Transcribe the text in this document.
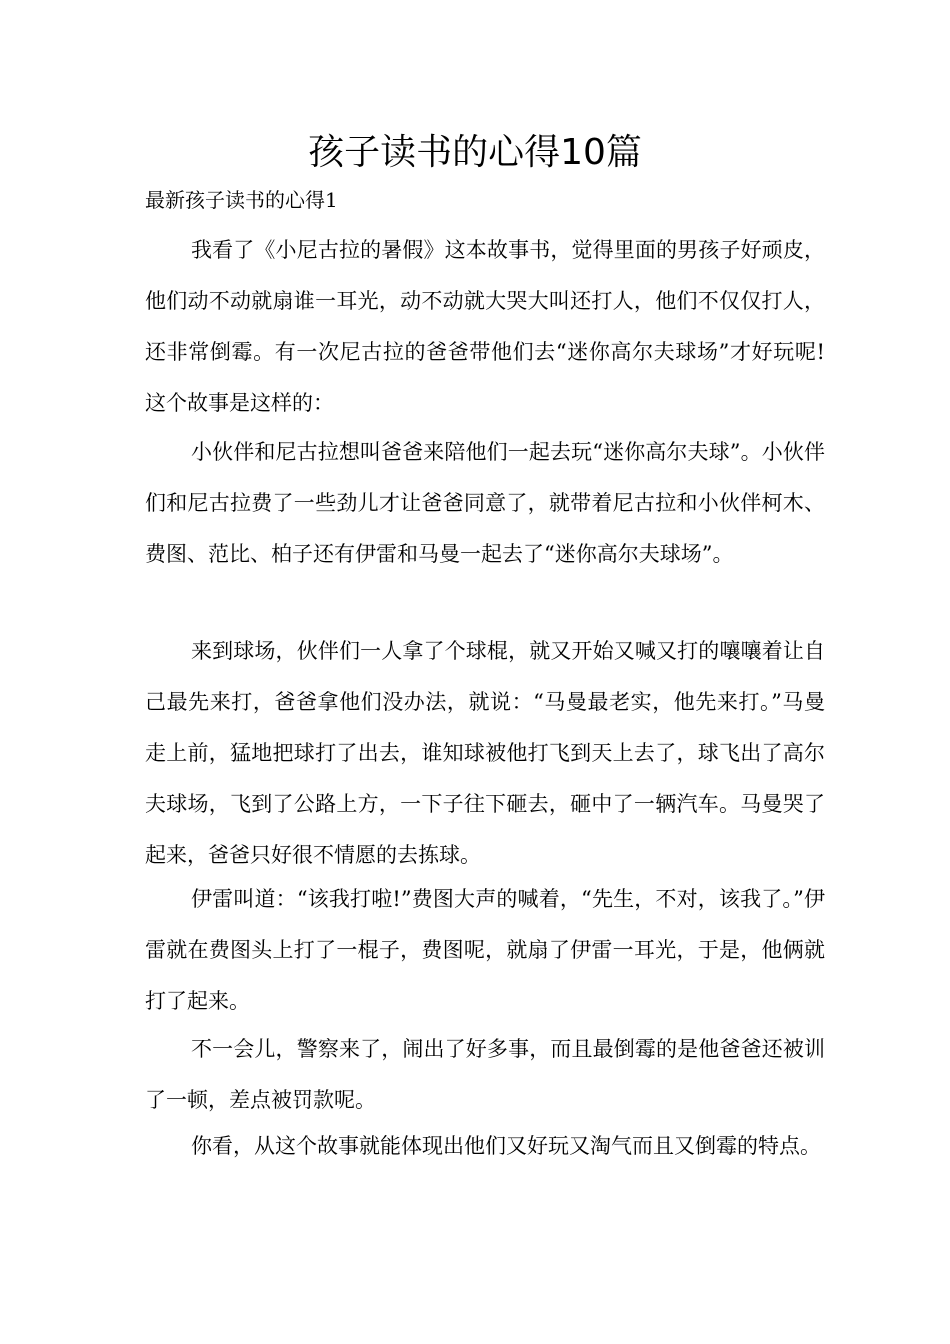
孩子读书的心得10篇
最新孩子读书的心得1

我看了《小尼古拉的暑假》这本故事书，觉得里面的男孩子好顽皮，他们动不动就扇谁一耳光，动不动就大哭大叫还打人，他们不仅仅打人，还非常倒霉。有一次尼古拉的爸爸带他们去“迷你高尔夫球场”才好玩呢!这个故事是这样的：

小伙伴和尼古拉想叫爸爸来陪他们一起去玩“迷你高尔夫球”。小伙伴们和尼古拉费了一些劲儿才让爸爸同意了，就带着尼古拉和小伙伴柯木、费图、范比、柏子还有伊雷和马曼一起去了“迷你高尔夫球场”。

来到球场，伙伴们一人拿了个球棍，就又开始又喊又打的嚷嚷着让自己最先来打，爸爸拿他们没办法，就说：“马曼最老实，他先来打。”马曼走上前，猛地把球打了出去，谁知球被他打飞到天上去了，球飞出了高尔夫球场，飞到了公路上方，一下子往下砸去，砸中了一辆汽车。马曼哭了起来，爸爸只好很不情愿的去拣球。

伊雷叫道：“该我打啦!”费图大声的喊着，“先生，不对，该我了。”伊雷就在费图头上打了一棍子，费图呢，就扇了伊雷一耳光，于是，他俩就打了起来。

不一会儿，警察来了，闹出了好多事，而且最倒霉的是他爸爸还被训了一顿，差点被罚款呢。

你看，从这个故事就能体现出他们又好玩又淘气而且又倒霉的特点。
